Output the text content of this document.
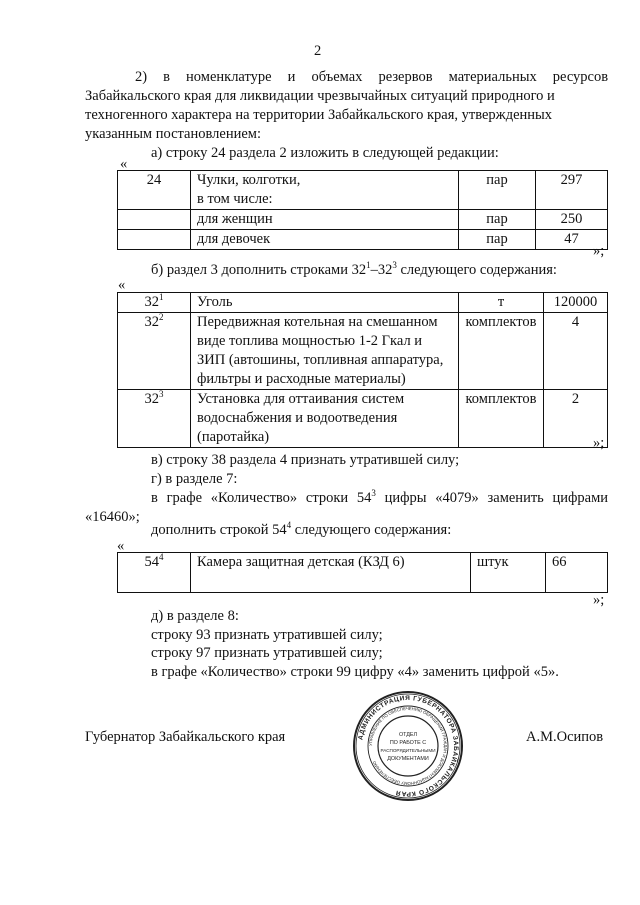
2
2) в номенклатуре и объемах резервов материальных ресурсов
Забайкальского края для ликвидации чрезвычайных ситуаций природного и
техногенного характера на территории Забайкальского края, утвержденных
указанным постановлением:
а) строку 24 раздела 2 изложить в следующей редакции:
«
24	Чулки, колготки,
в том числе:	пар	297
	для женщин	пар	250
	для девочек	пар	47
»;
б) раздел 3 дополнить строками $32^1-32^3$ следующего содержания:
«
$32^1$	Уголь	т	120000
$32^2$	Передвижная котельная на смешанном
виде топлива мощностью 1-2 Гкал и
ЗИП (автошины, топливная аппаратура,
фильтры и расходные материалы)	комплектов	4
$32^3$	Установка для оттаивания систем
водоснабжения и водоотведения
(паротайка)	комплектов	2
»;
в) строку 38 раздела 4 признать утратившей силу;
г) в разделе 7:
в графе «Количество» строки $54^3$ цифры «4079» заменить цифрами
«16460»;
дополнить строкой $54^4$ следующего содержания:
«
$54^4$	Камера защитная детская (КЗД 6)	штук	66
»;
д) в разделе 8:
строку 93 признать утратившей силу;
строку 97 признать утратившей силу;
в графе «Количество» строки 99 цифру «4» заменить цифрой «5».
Губернатор Забайкальского края	А.М.Осипов
АДМИНИСТРАЦИЯ ГУБЕРНАТОРА ЗАБАЙКАЛЬСКОГО КРАЯ
УПРАВЛЕНИЕ ПО ОБЕСПЕЧЕНИЮ ОБРАЩЕНИЙ ГРАЖДАН И ДОКУМЕНТАЦИОННОМУ ОБЕСПЕЧЕНИЮ
ОТДЕЛ
ПО РАБОТЕ С
РАСПОРЯДИТЕЛЬНЫМИ
ДОКУМЕНТАМИ
